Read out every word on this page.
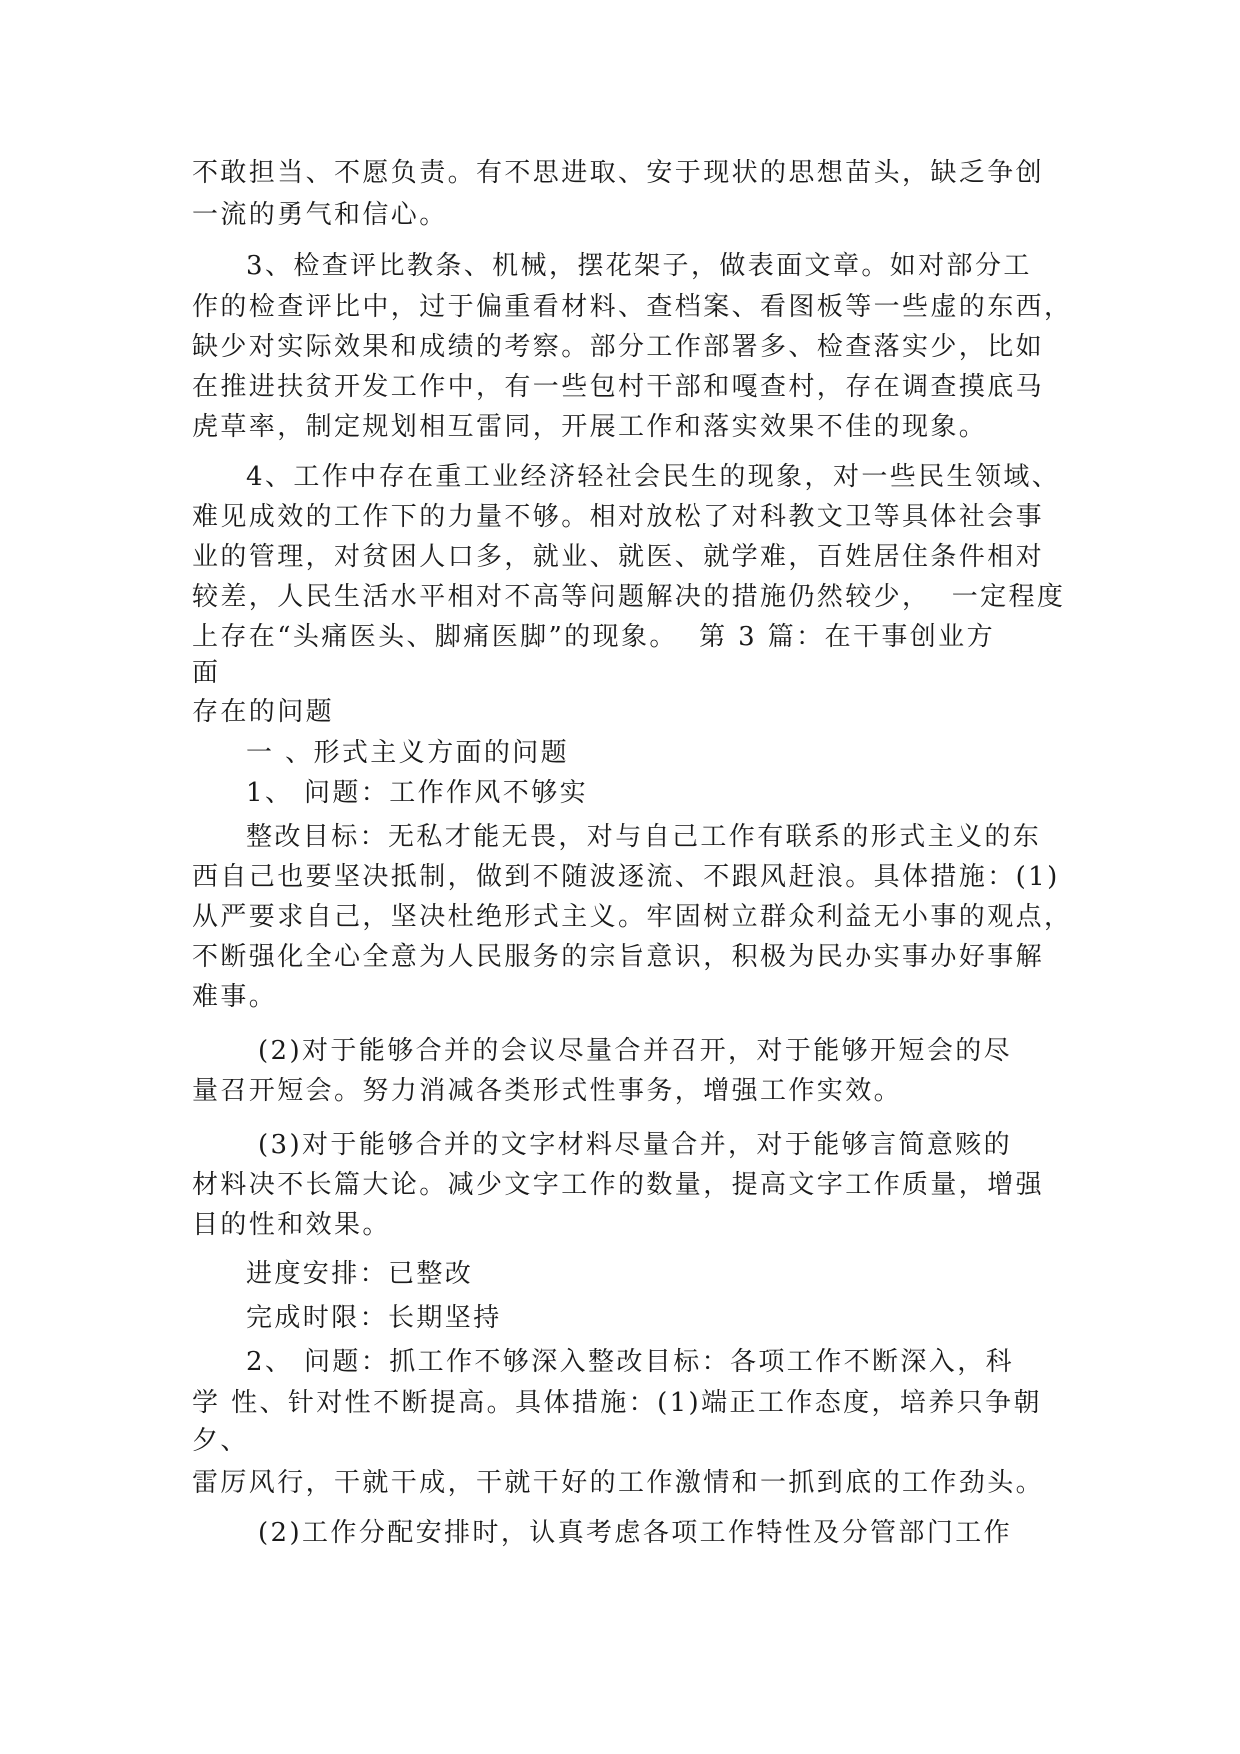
不敢担当、不愿负责。有不思进取、安于现状的思想苗头，缺乏争创
一流的勇气和信心。
3、检查评比教条、机械，摆花架子，做表面文章。如对部分工
作的检查评比中，过于偏重看材料、查档案、看图板等一些虚的东西，
缺少对实际效果和成绩的考察。部分工作部署多、检查落实少，比如
在推进扶贫开发工作中，有一些包村干部和嘎查村，存在调查摸底马
虎草率，制定规划相互雷同，开展工作和落实效果不佳的现象。
4、工作中存在重工业经济轻社会民生的现象，对一些民生领域、
难见成效的工作下的力量不够。相对放松了对科教文卫等具体社会事
业的管理，对贫困人口多，就业、就医、就学难，百姓居住条件相对
较差，人民生活水平相对不高等问题解决的措施仍然较少，  一定程度
上存在“头痛医头、脚痛医脚”的现象。  第 3 篇：在干事创业方
面
存在的问题
一 、形式主义方面的问题
1、 问题：工作作风不够实
整改目标：无私才能无畏，对与自己工作有联系的形式主义的东
西自己也要坚决抵制，做到不随波逐流、不跟风赶浪。具体措施：(1)
从严要求自己，坚决杜绝形式主义。牢固树立群众利益无小事的观点，
不断强化全心全意为人民服务的宗旨意识，积极为民办实事办好事解
难事。
(2)对于能够合并的会议尽量合并召开，对于能够开短会的尽
量召开短会。努力消减各类形式性事务，增强工作实效。
(3)对于能够合并的文字材料尽量合并，对于能够言简意赅的
材料决不长篇大论。减少文字工作的数量，提高文字工作质量，增强
目的性和效果。
进度安排：已整改
完成时限：长期坚持
2、 问题：抓工作不够深入整改目标：各项工作不断深入，科
学 性、针对性不断提高。具体措施：(1)端正工作态度，培养只争朝
夕、
雷厉风行，干就干成，干就干好的工作激情和一抓到底的工作劲头。
(2)工作分配安排时，认真考虑各项工作特性及分管部门工作
